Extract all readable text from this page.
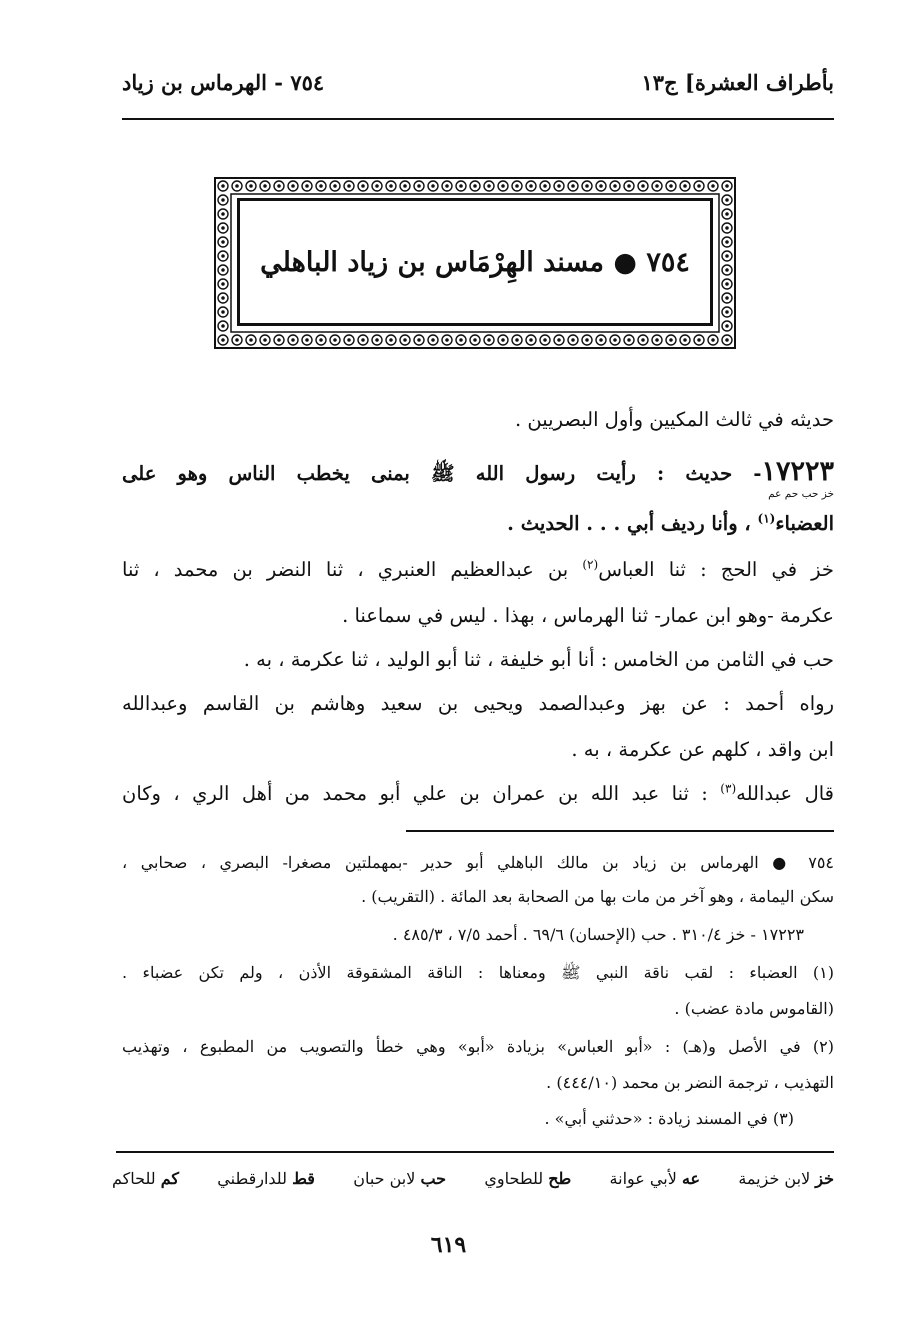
بأطراف العشرة] ج١٣
٧٥٤ - الهرماس بن زياد
٧٥٤ ● مسند الهِرْمَاس بن زياد الباهلي
حديثه في ثالث المكيين وأول البصريين .
١٧٢٢٣- حديث : رأيت رسول الله ﷺ بمنى يخطب الناس وهو على
خز حب حم عم
العضباء$^{(١)}$ ، وأنا رديف أبي . . . الحديث .
خز في الحج : ثنا العباس$^{(٢)}$ بن عبدالعظيم العنبري ، ثنا النضر بن محمد ، ثنا
عكرمة -وهو ابن عمار- ثنا الهرماس ، بهذا . ليس في سماعنا .
حب في الثامن من الخامس : أنا أبو خليفة ، ثنا أبو الوليد ، ثنا عكرمة ، به .
رواه أحمد : عن بهز وعبدالصمد ويحيى بن سعيد وهاشم بن القاسم وعبدالله
ابن واقد ، كلهم عن عكرمة ، به .
قال عبدالله$^{(٣)}$ : ثنا عبد الله بن عمران بن علي أبو محمد من أهل الري ، وكان
٧٥٤ ● الهرماس بن زياد بن مالك الباهلي أبو حدير -بمهملتين مصغرا- البصري ، صحابي ،
سكن اليمامة ، وهو آخر من مات بها من الصحابة بعد المائة . (التقريب) .
١٧٢٢٣ - خز ٣١٠/٤ . حب (الإحسان) ٦٩/٦ . أحمد ٧/٥ ، ٤٨٥/٣ .
(١) العضباء : لقب ناقة النبي ﷺ ومعناها : الناقة المشقوقة الأذن ، ولم تكن عضباء .
(القاموس مادة عضب) .
(٢) في الأصل و(هـ) : «أبو العباس» بزيادة «أبو» وهي خطأ والتصويب من المطبوع ، وتهذيب
التهذيب ، ترجمة النضر بن محمد (٤٤٤/١٠) .
(٣) في المسند زيادة : «حدثني أبي» .
خز لابن خزيمة
عه لأبي عوانة
طح للطحاوي
حب لابن حبان
قط للدارقطني
كم للحاكم
٦١٩
